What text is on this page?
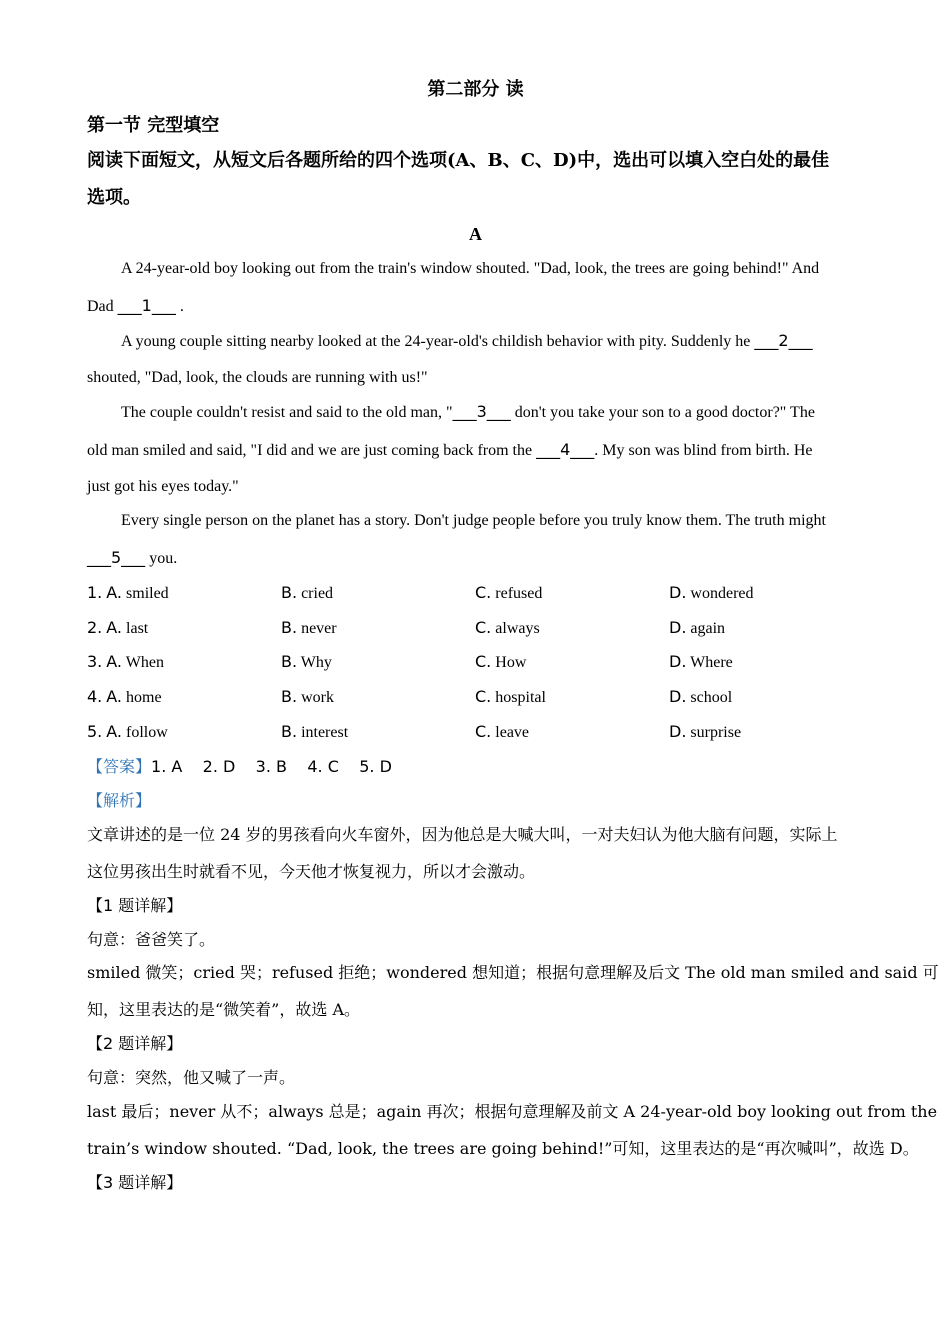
第二部分 读
第一节 完型填空
阅读下面短文，从短文后各题所给的四个选项(A、B、C、D)中，选出可以填入空白处的最佳
选项。
A
A 24-year-old boy looking out from the train's window shouted. "Dad, look, the trees are going behind!" And
Dad ___1___ .
A young couple sitting nearby looked at the 24-year-old's childish behavior with pity. Suddenly he ___2___
shouted, "Dad, look, the clouds are running with us!"
The couple couldn't resist and said to the old man, "___3___ don't you take your son to a good doctor?" The
old man smiled and said, "I did and we are just coming back from the ___4___. My son was blind from birth. He
just got his eyes today."
Every single person on the planet has a story. Don't judge people before you truly know them. The truth might
___5___ you.
1. A. smiled	B. cried	C. refused	D. wondered
2. A. last	B. never	C. always	D. again
3. A. When	B. Why	C. How	D. Where
4. A. home	B. work	C. hospital	D. school
5. A. follow	B. interest	C. leave	D. surprise
【答案】1. A    2. D    3. B    4. C    5. D
【解析】
文章讲述的是一位 24 岁的男孩看向火车窗外，因为他总是大喊大叫，一对夫妇认为他大脑有问题，实际上
这位男孩出生时就看不见，今天他才恢复视力，所以才会激动。
【1 题详解】
句意：爸爸笑了。
smiled 微笑；cried 哭；refused 拒绝；wondered 想知道；根据句意理解及后文 The old man smiled and said 可
知，这里表达的是“微笑着”，故选 A。
【2 题详解】
句意：突然，他又喊了一声。
last 最后；never 从不；always 总是；again 再次；根据句意理解及前文 A 24-year-old boy looking out from the
train’s window shouted. “Dad, look, the trees are going behind!”可知，这里表达的是“再次喊叫”，故选 D。
【3 题详解】
